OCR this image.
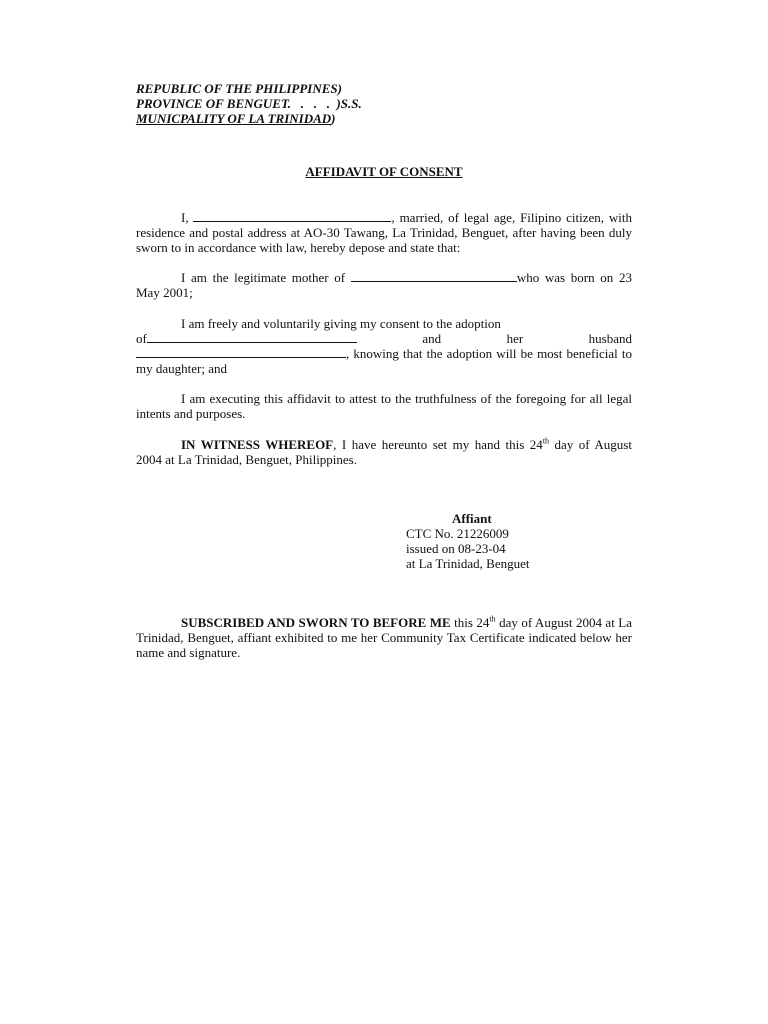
REPUBLIC OF THE PHILIPPINES)
PROVINCE OF BENGUET.   .   .   .  )S.S.
MUNICPALITY OF LA TRINIDAD)
AFFIDAVIT OF CONSENT
I,	, married, of legal age, Filipino citizen, with residence and postal address at AO-30 Tawang, La Trinidad, Benguet, after having been duly sworn to in accordance with law, hereby depose and state that:
I am the legitimate mother of	who was born on 23 May 2001;
I am freely and voluntarily giving my consent to the adoption
of	and	her	husband
, knowing that the adoption will be most beneficial to my daughter; and
I am executing this affidavit to attest to the truthfulness of the foregoing for all legal intents and purposes.
IN WITNESS WHEREOF, I have hereunto set my hand this 24th day of August 2004 at La Trinidad, Benguet, Philippines.
Affiant
CTC No. 21226009
issued on 08-23-04
at La Trinidad, Benguet
SUBSCRIBED AND SWORN TO BEFORE ME this 24th day of August 2004 at La Trinidad, Benguet, affiant exhibited to me her Community Tax Certificate indicated below her name and signature.
